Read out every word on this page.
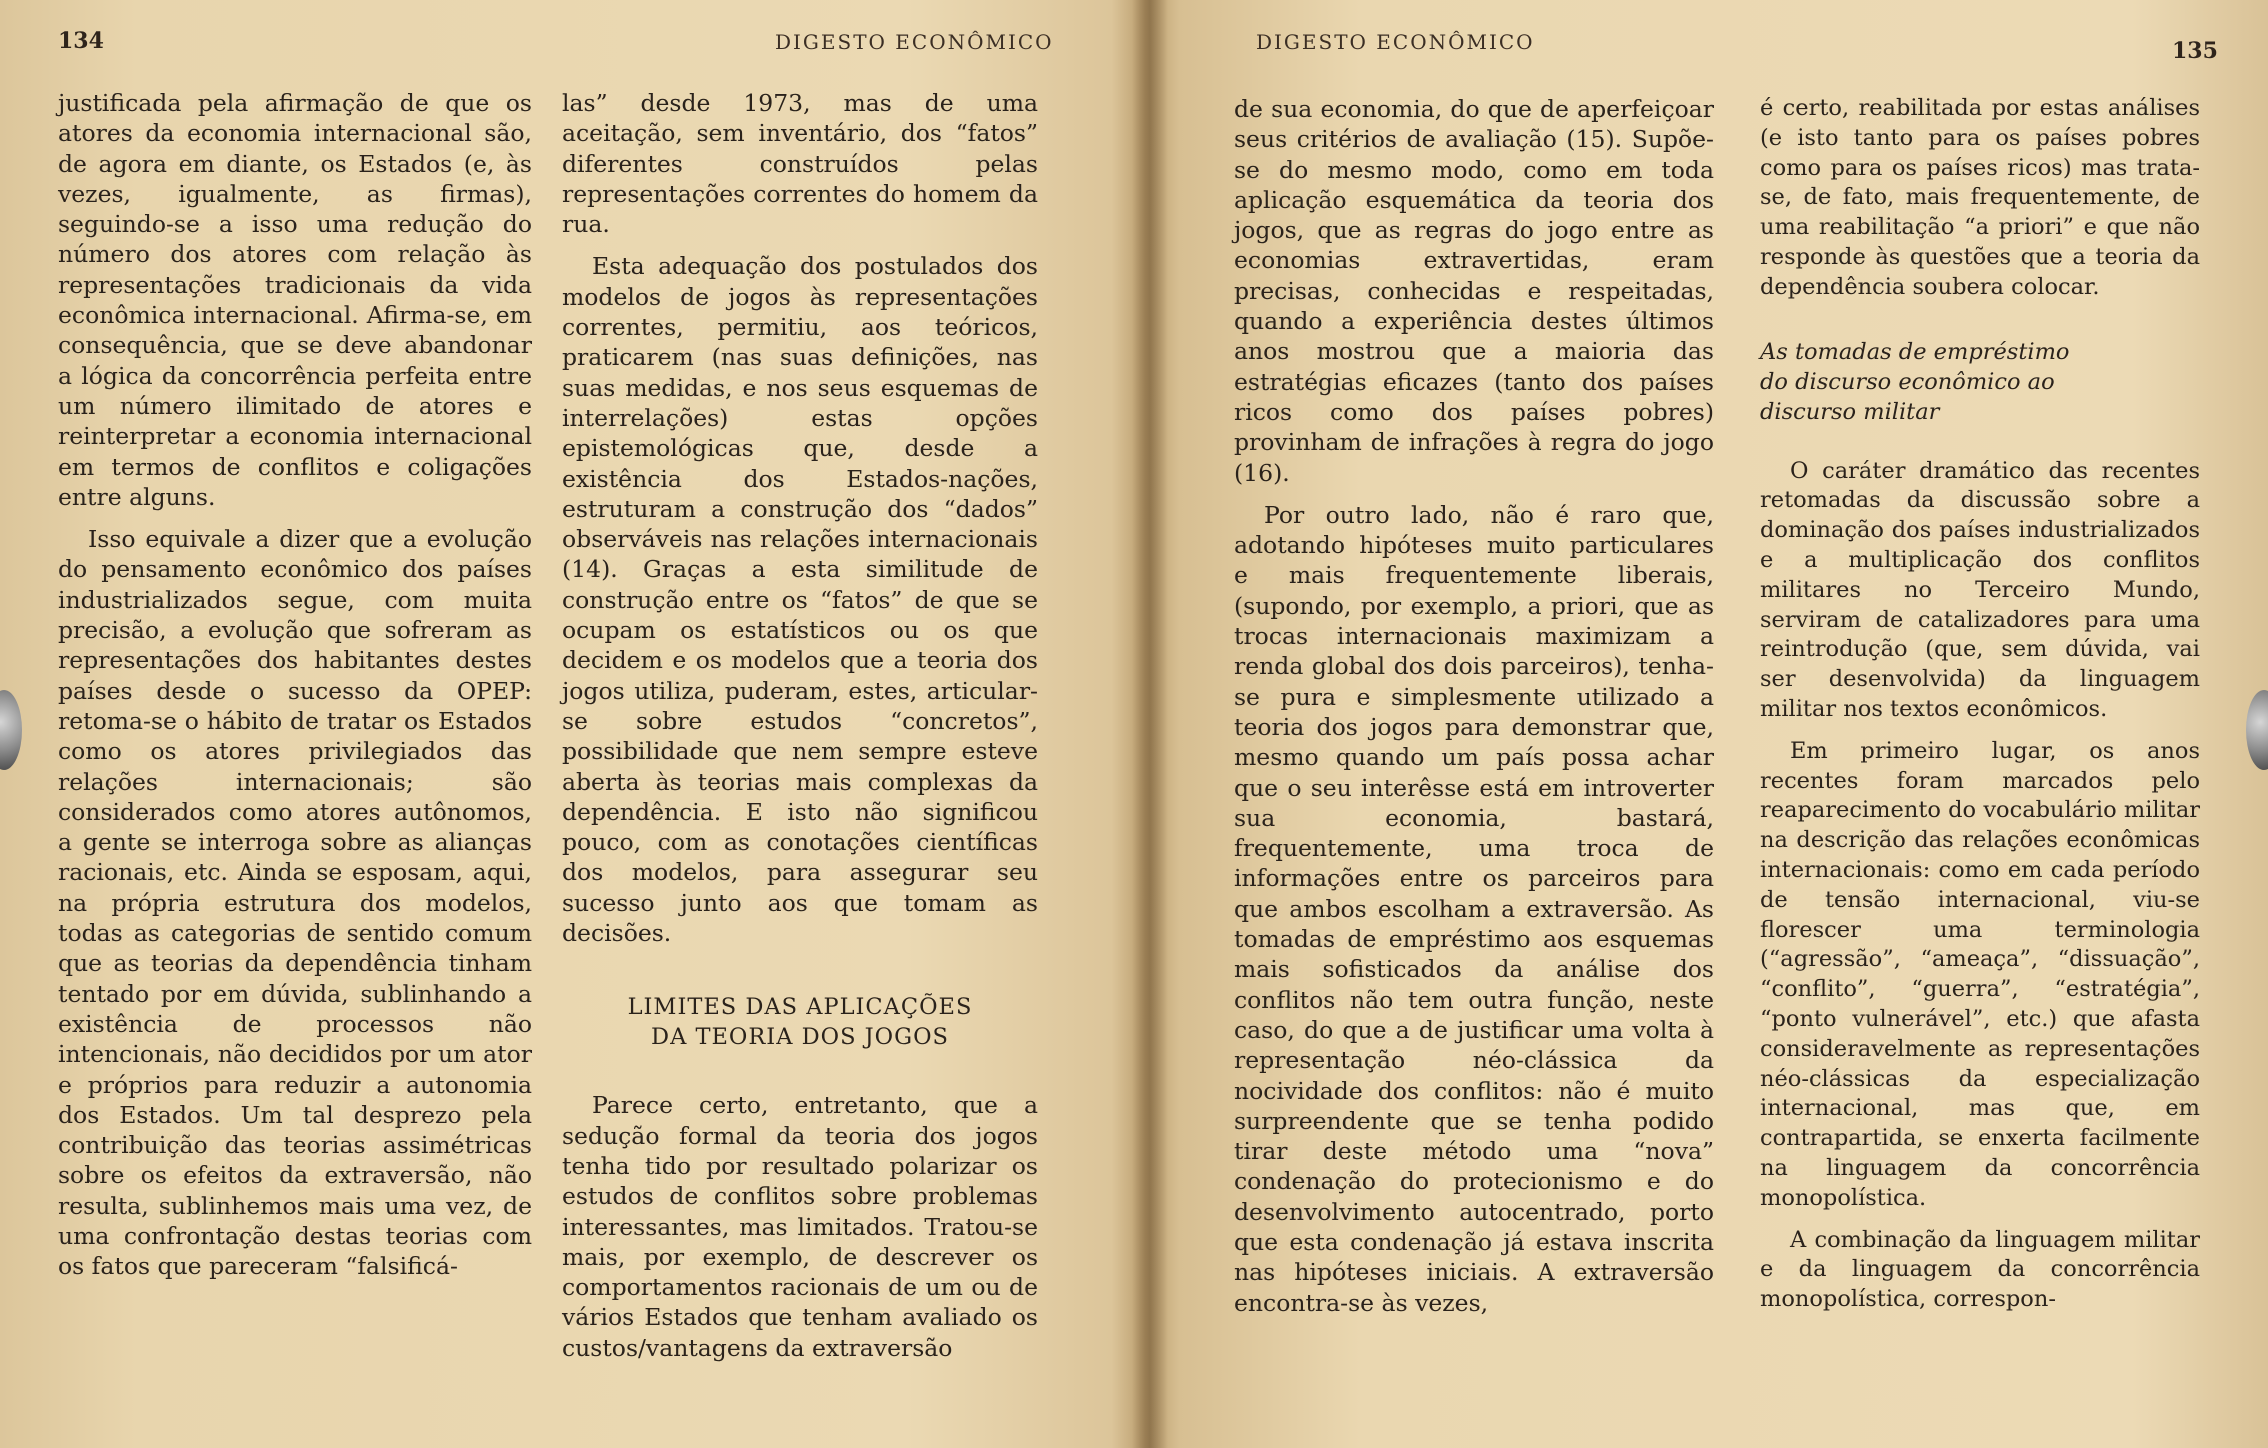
134	DIGESTO ECONÔMICO

justificada pela afirmação de que os atores da economia internacional são, de agora em diante, os Estados (e, às vezes, igualmente, as firmas), seguindo-se a isso uma redução do número dos atores com relação às representações tradicionais da vida econômica internacional. Afirma-se, em consequência, que se deve abandonar a lógica da concorrência perfeita entre um número ilimitado de atores e reinterpretar a economia internacional em termos de conflitos e coligações entre alguns.

Isso equivale a dizer que a evolução do pensamento econômico dos países industrializados segue, com muita precisão, a evolução que sofreram as representações dos habitantes destes países desde o sucesso da OPEP: retoma-se o hábito de tratar os Estados como os atores privilegiados das relações internacionais; são considerados como atores autônomos, a gente se interroga sobre as alianças racionais, etc. Ainda se esposam, aqui, na própria estrutura dos modelos, todas as categorias de sentido comum que as teorias da dependência tinham tentado por em dúvida, sublinhando a existência de processos não intencionais, não decididos por um ator e próprios para reduzir a autonomia dos Estados. Um tal desprezo pela contribuição das teorias assimétricas sobre os efeitos da extraversão, não resulta, sublinhemos mais uma vez, de uma confrontação destas teorias com os fatos que pareceram “falsificá-

las” desde 1973, mas de uma aceitação, sem inventário, dos “fatos” diferentes construídos pelas representações correntes do homem da rua.

Esta adequação dos postulados dos modelos de jogos às representações correntes, permitiu, aos teóricos, praticarem (nas suas definições, nas suas medidas, e nos seus esquemas de interrelações) estas opções epistemológicas que, desde a existência dos Estados-nações, estruturam a construção dos “dados” observáveis nas relações internacionais (14). Graças a esta similitude de construção entre os “fatos” de que se ocupam os estatísticos ou os que decidem e os modelos que a teoria dos jogos utiliza, puderam, estes, articular-se sobre estudos “concretos”, possibilidade que nem sempre esteve aberta às teorias mais complexas da dependência. E isto não significou pouco, com as conotações científicas dos modelos, para assegurar seu sucesso junto aos que tomam as decisões.

LIMITES DAS APLICAÇÕES
DA TEORIA DOS JOGOS

Parece certo, entretanto, que a sedução formal da teoria dos jogos tenha tido por resultado polarizar os estudos de conflitos sobre problemas interessantes, mas limitados. Tratou-se mais, por exemplo, de descrever os comportamentos racionais de um ou de vários Estados que tenham avaliado os custos/vantagens da extraversão

DIGESTO ECONÔMICO	135

de sua economia, do que de aperfeiçoar seus critérios de avaliação (15). Supõe-se do mesmo modo, como em toda aplicação esquemática da teoria dos jogos, que as regras do jogo entre as economias extravertidas, eram precisas, conhecidas e respeitadas, quando a experiência destes últimos anos mostrou que a maioria das estratégias eficazes (tanto dos países ricos como dos países pobres) provinham de infrações à regra do jogo (16).

Por outro lado, não é raro que, adotando hipóteses muito particulares e mais frequentemente liberais, (supondo, por exemplo, a priori, que as trocas internacionais maximizam a renda global dos dois parceiros), tenha-se pura e simplesmente utilizado a teoria dos jogos para demonstrar que, mesmo quando um país possa achar que o seu interêsse está em introverter sua economia, bastará, frequentemente, uma troca de informações entre os parceiros para que ambos escolham a extraversão. As tomadas de empréstimo aos esquemas mais sofisticados da análise dos conflitos não tem outra função, neste caso, do que a de justificar uma volta à representação néo-clássica da nocividade dos conflitos: não é muito surpreendente que se tenha podido tirar deste método uma “nova” condenação do protecionismo e do desenvolvimento autocentrado, porto que esta condenação já estava inscrita nas hipóteses iniciais. A extraversão encontra-se às vezes,

é certo, reabilitada por estas análises (e isto tanto para os países pobres como para os países ricos) mas trata-se, de fato, mais frequentemente, de uma reabilitação “a priori” e que não responde às questões que a teoria da dependência soubera colocar.

As tomadas de empréstimo
do discurso econômico ao
discurso militar

O caráter dramático das recentes retomadas da discussão sobre a dominação dos países industrializados e a multiplicação dos conflitos militares no Terceiro Mundo, serviram de catalizadores para uma reintrodução (que, sem dúvida, vai ser desenvolvida) da linguagem militar nos textos econômicos.

Em primeiro lugar, os anos recentes foram marcados pelo reaparecimento do vocabulário militar na descrição das relações econômicas internacionais: como em cada período de tensão internacional, viu-se florescer uma terminologia (“agressão”, “ameaça”, “dissuação”, “conflito”, “guerra”, “estratégia”, “ponto vulnerável”, etc.) que afasta consideravelmente as representações néo-clássicas da especialização internacional, mas que, em contrapartida, se enxerta facilmente na linguagem da concorrência monopolística.

A combinação da linguagem militar e da linguagem da concorrência monopolística, correspon-
